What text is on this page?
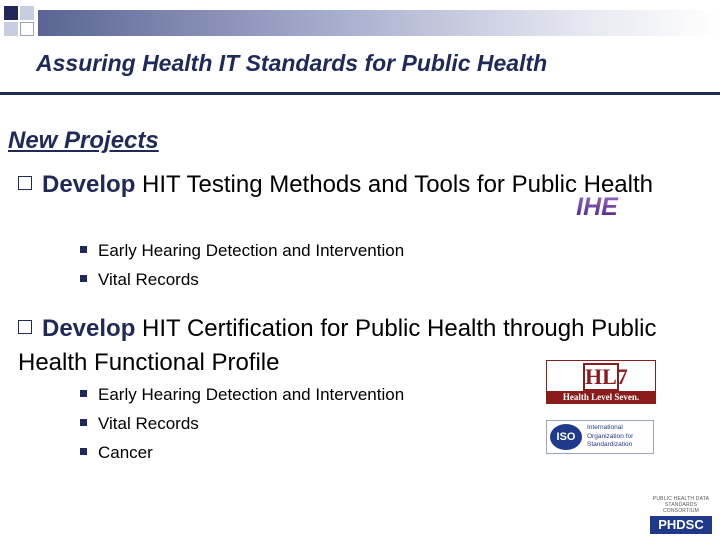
Assuring Health IT Standards for Public Health
New Projects
Develop HIT Testing Methods and Tools for Public Health
Early Hearing Detection and Intervention
Vital Records
IHE
Develop HIT Certification for Public Health through Public Health Functional Profile
Early Hearing Detection and Intervention
Vital Records
Cancer
HL7
Health Level Seven.
ISO
International Organization for Standardization
PUBLIC HEALTH DATA STANDARDS CONSORTIUM
PHDSC
